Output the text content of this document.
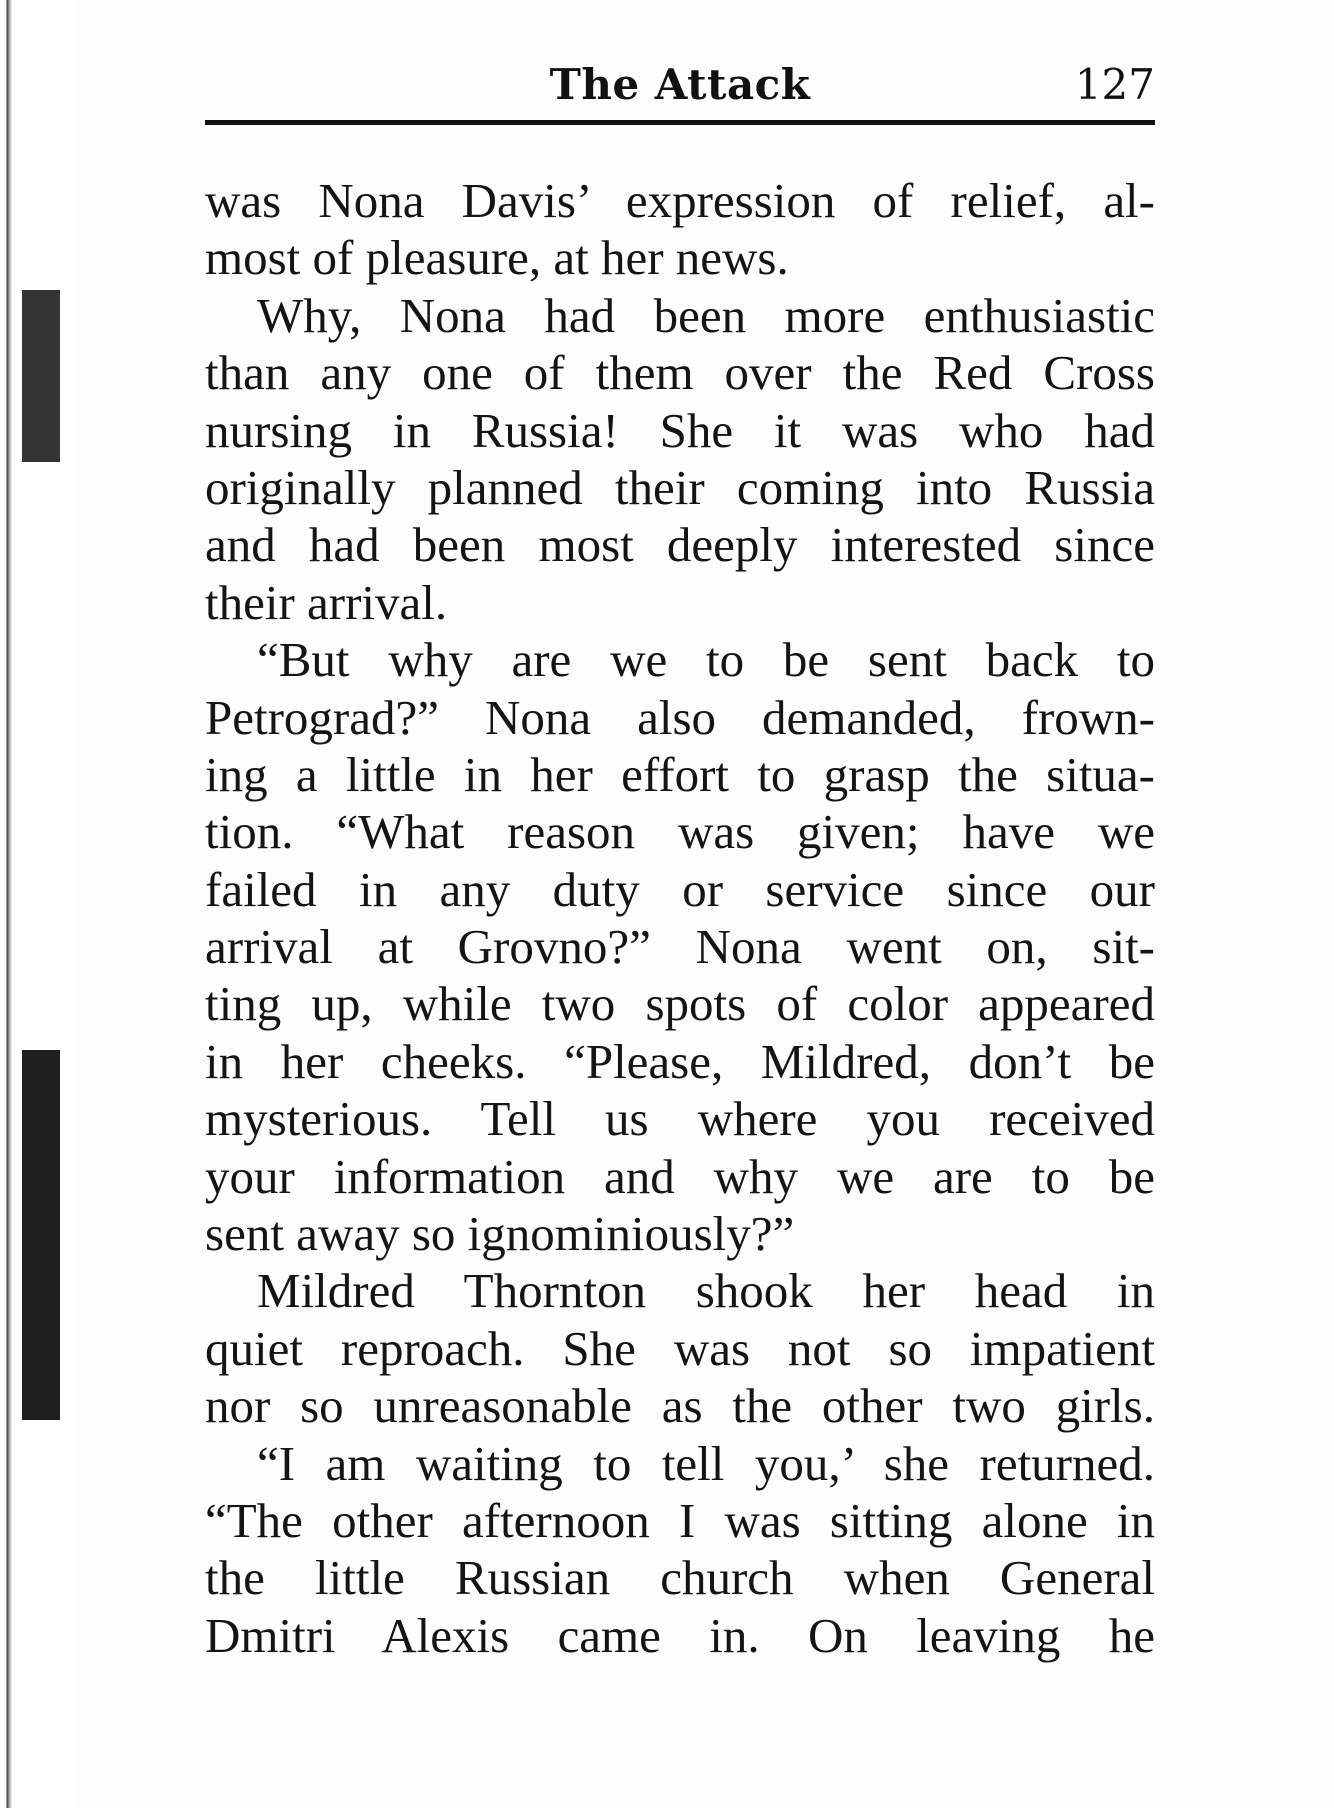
The Attack	127
was Nona Davis’ expression of relief, al-
most of pleasure, at her news.
Why, Nona had been more enthusiastic
than any one of them over the Red Cross
nursing in Russia! She it was who had
originally planned their coming into Russia
and had been most deeply interested since
their arrival.
“But why are we to be sent back to
Petrograd?” Nona also demanded, frown-
ing a little in her effort to grasp the situa-
tion. “What reason was given; have we
failed in any duty or service since our
arrival at Grovno?” Nona went on, sit-
ting up, while two spots of color appeared
in her cheeks. “Please, Mildred, don’t be
mysterious. Tell us where you received
your information and why we are to be
sent away so ignominiously?”
Mildred Thornton shook her head in
quiet reproach. She was not so impatient
nor so unreasonable as the other two girls.
“I am waiting to tell you,’ she returned.
“The other afternoon I was sitting alone in
the little Russian church when General
Dmitri Alexis came in. On leaving he
